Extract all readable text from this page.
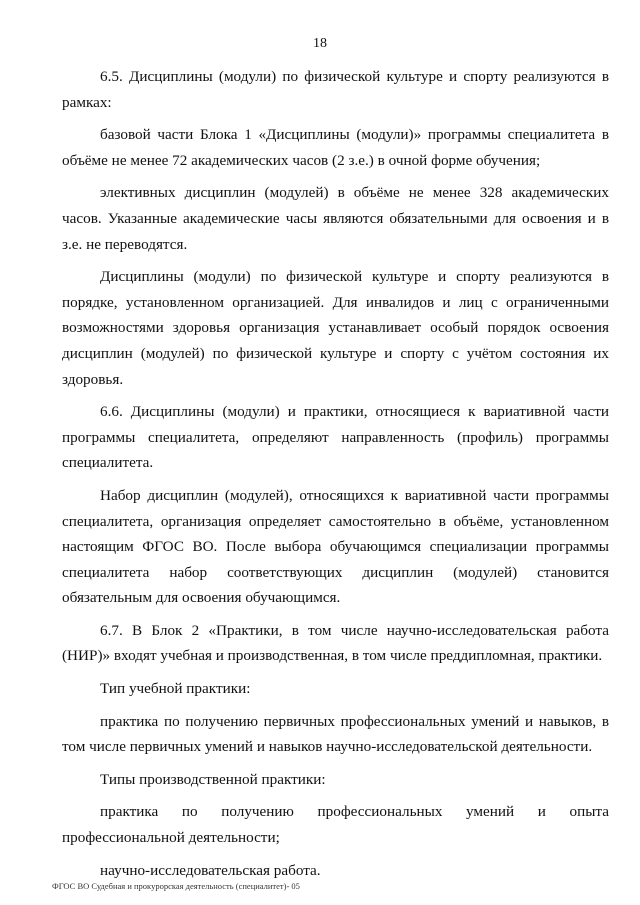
18

6.5. Дисциплины (модули) по физической культуре и спорту реализуются в рамках:

базовой части Блока 1 «Дисциплины (модули)» программы специалитета в объёме не менее 72 академических часов (2 з.е.) в очной форме обучения;

элективных дисциплин (модулей) в объёме не менее 328 академических часов. Указанные академические часы являются обязательными для освоения и в з.е. не переводятся.

Дисциплины (модули) по физической культуре и спорту реализуются в порядке, установленном организацией. Для инвалидов и лиц с ограниченными возможностями здоровья организация устанавливает особый порядок освоения дисциплин (модулей) по физической культуре и спорту с учётом состояния их здоровья.

6.6. Дисциплины (модули) и практики, относящиеся к вариативной части программы специалитета, определяют направленность (профиль) программы специалитета.

Набор дисциплин (модулей), относящихся к вариативной части программы специалитета, организация определяет самостоятельно в объёме, установленном настоящим ФГОС ВО. После выбора обучающимся специализации программы специалитета набор соответствующих дисциплин (модулей) становится обязательным для освоения обучающимся.

6.7. В Блок 2 «Практики, в том числе научно-исследовательская работа (НИР)» входят учебная и производственная, в том числе преддипломная, практики.

Тип учебной практики:

практика по получению первичных профессиональных умений и навыков, в том числе первичных умений и навыков научно-исследовательской деятельности.

Типы производственной практики:

практика по получению профессиональных умений и опыта профессиональной деятельности;

научно-исследовательская работа.

ФГОС ВО Судебная и прокурорская деятельность (специалитет)- 05
